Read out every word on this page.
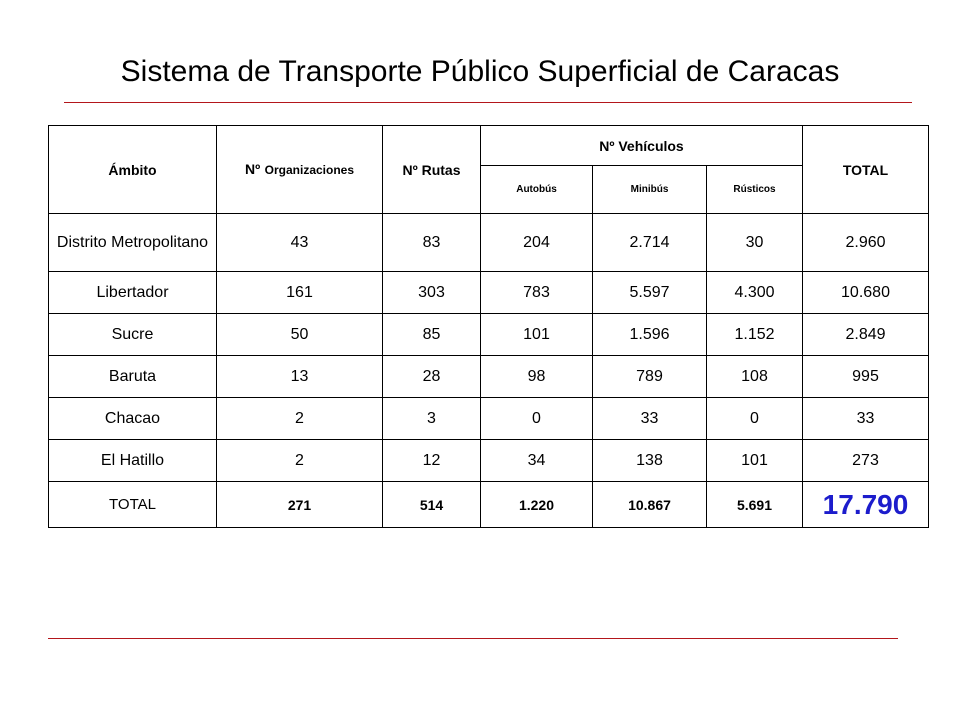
Sistema de Transporte Público Superficial de Caracas
Ámbito	Nº Organizaciones	Nº Rutas	Nº Vehículos			TOTAL
			Autobús	Minibús	Rústicos	
Distrito Metropolitano	43	83	204	2.714	30	2.960
Libertador	161	303	783	5.597	4.300	10.680
Sucre	50	85	101	1.596	1.152	2.849
Baruta	13	28	98	789	108	995
Chacao	2	3	0	33	0	33
El Hatillo	2	12	34	138	101	273
TOTAL	271	514	1.220	10.867	5.691	17.790
